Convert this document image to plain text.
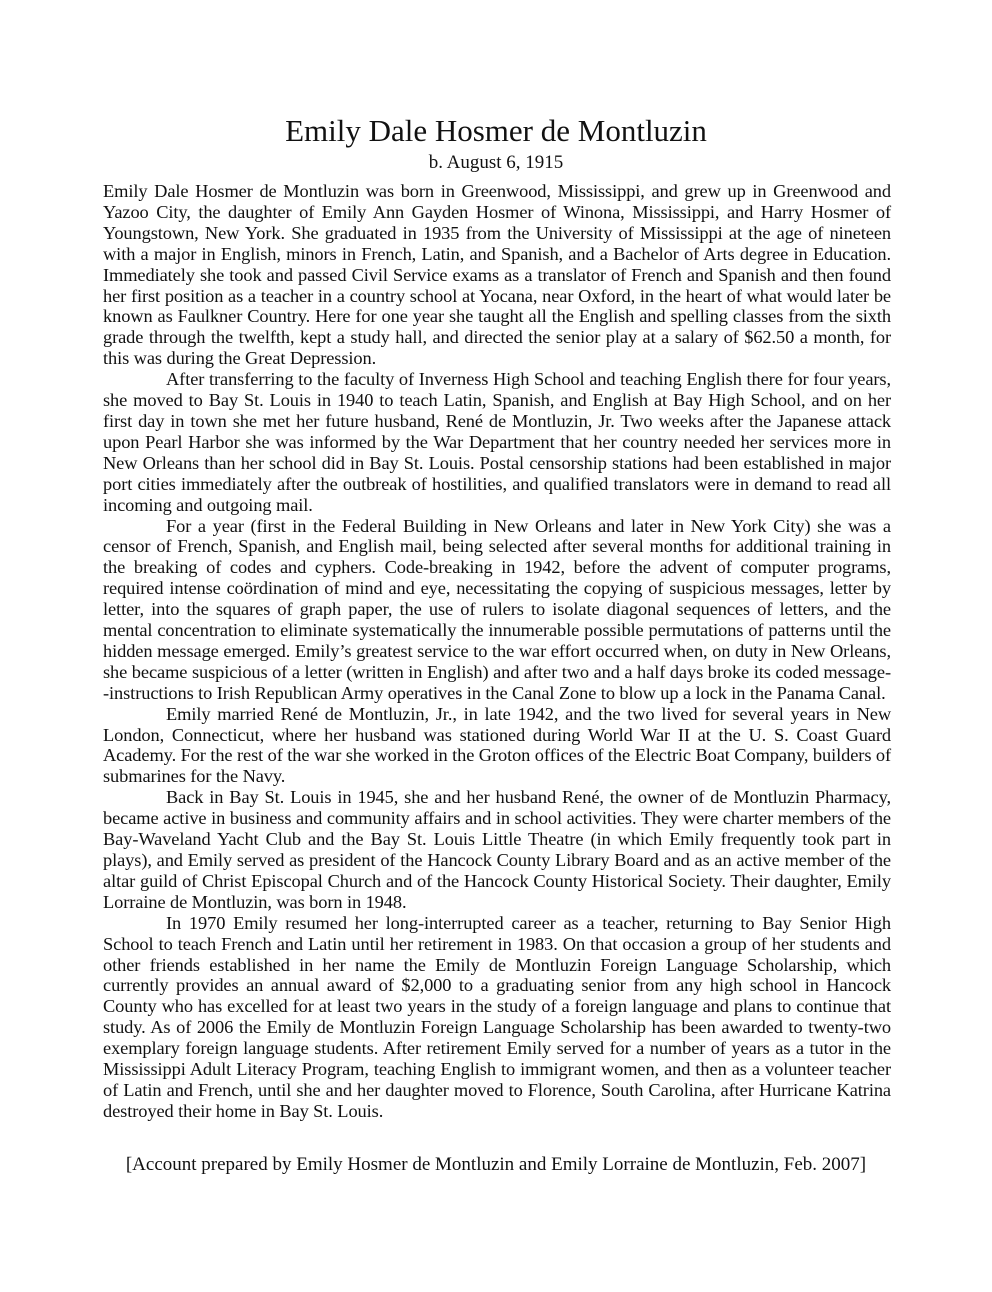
Emily Dale Hosmer de Montluzin
b. August 6, 1915

Emily Dale Hosmer de Montluzin was born in Greenwood, Mississippi, and grew up in Greenwood and Yazoo City, the daughter of Emily Ann Gayden Hosmer of Winona, Mississippi, and Harry Hosmer of Youngstown, New York. She graduated in 1935 from the University of Mississippi at the age of nineteen with a major in English, minors in French, Latin, and Spanish, and a Bachelor of Arts degree in Education. Immediately she took and passed Civil Service exams as a translator of French and Spanish and then found her first position as a teacher in a country school at Yocana, near Oxford, in the heart of what would later be known as Faulkner Country. Here for one year she taught all the English and spelling classes from the sixth grade through the twelfth, kept a study hall, and directed the senior play at a salary of $62.50 a month, for this was during the Great Depression.

After transferring to the faculty of Inverness High School and teaching English there for four years, she moved to Bay St. Louis in 1940 to teach Latin, Spanish, and English at Bay High School, and on her first day in town she met her future husband, René de Montluzin, Jr. Two weeks after the Japanese attack upon Pearl Harbor she was informed by the War Department that her country needed her services more in New Orleans than her school did in Bay St. Louis. Postal censorship stations had been established in major port cities immediately after the outbreak of hostilities, and qualified translators were in demand to read all incoming and outgoing mail.

For a year (first in the Federal Building in New Orleans and later in New York City) she was a censor of French, Spanish, and English mail, being selected after several months for additional training in the breaking of codes and cyphers. Code-breaking in 1942, before the advent of computer programs, required intense coördination of mind and eye, necessitating the copying of suspicious messages, letter by letter, into the squares of graph paper, the use of rulers to isolate diagonal sequences of letters, and the mental concentration to eliminate systematically the innumerable possible permutations of patterns until the hidden message emerged. Emily’s greatest service to the war effort occurred when, on duty in New Orleans, she became suspicious of a letter (written in English) and after two and a half days broke its coded message--instructions to Irish Republican Army operatives in the Canal Zone to blow up a lock in the Panama Canal.

Emily married René de Montluzin, Jr., in late 1942, and the two lived for several years in New London, Connecticut, where her husband was stationed during World War II at the U. S. Coast Guard Academy. For the rest of the war she worked in the Groton offices of the Electric Boat Company, builders of submarines for the Navy.

Back in Bay St. Louis in 1945, she and her husband René, the owner of de Montluzin Pharmacy, became active in business and community affairs and in school activities. They were charter members of the Bay-Waveland Yacht Club and the Bay St. Louis Little Theatre (in which Emily frequently took part in plays), and Emily served as president of the Hancock County Library Board and as an active member of the altar guild of Christ Episcopal Church and of the Hancock County Historical Society. Their daughter, Emily Lorraine de Montluzin, was born in 1948.

In 1970 Emily resumed her long-interrupted career as a teacher, returning to Bay Senior High School to teach French and Latin until her retirement in 1983. On that occasion a group of her students and other friends established in her name the Emily de Montluzin Foreign Language Scholarship, which currently provides an annual award of $2,000 to a graduating senior from any high school in Hancock County who has excelled for at least two years in the study of a foreign language and plans to continue that study. As of 2006 the Emily de Montluzin Foreign Language Scholarship has been awarded to twenty-two exemplary foreign language students. After retirement Emily served for a number of years as a tutor in the Mississippi Adult Literacy Program, teaching English to immigrant women, and then as a volunteer teacher of Latin and French, until she and her daughter moved to Florence, South Carolina, after Hurricane Katrina destroyed their home in Bay St. Louis.

[Account prepared by Emily Hosmer de Montluzin and Emily Lorraine de Montluzin, Feb. 2007]
